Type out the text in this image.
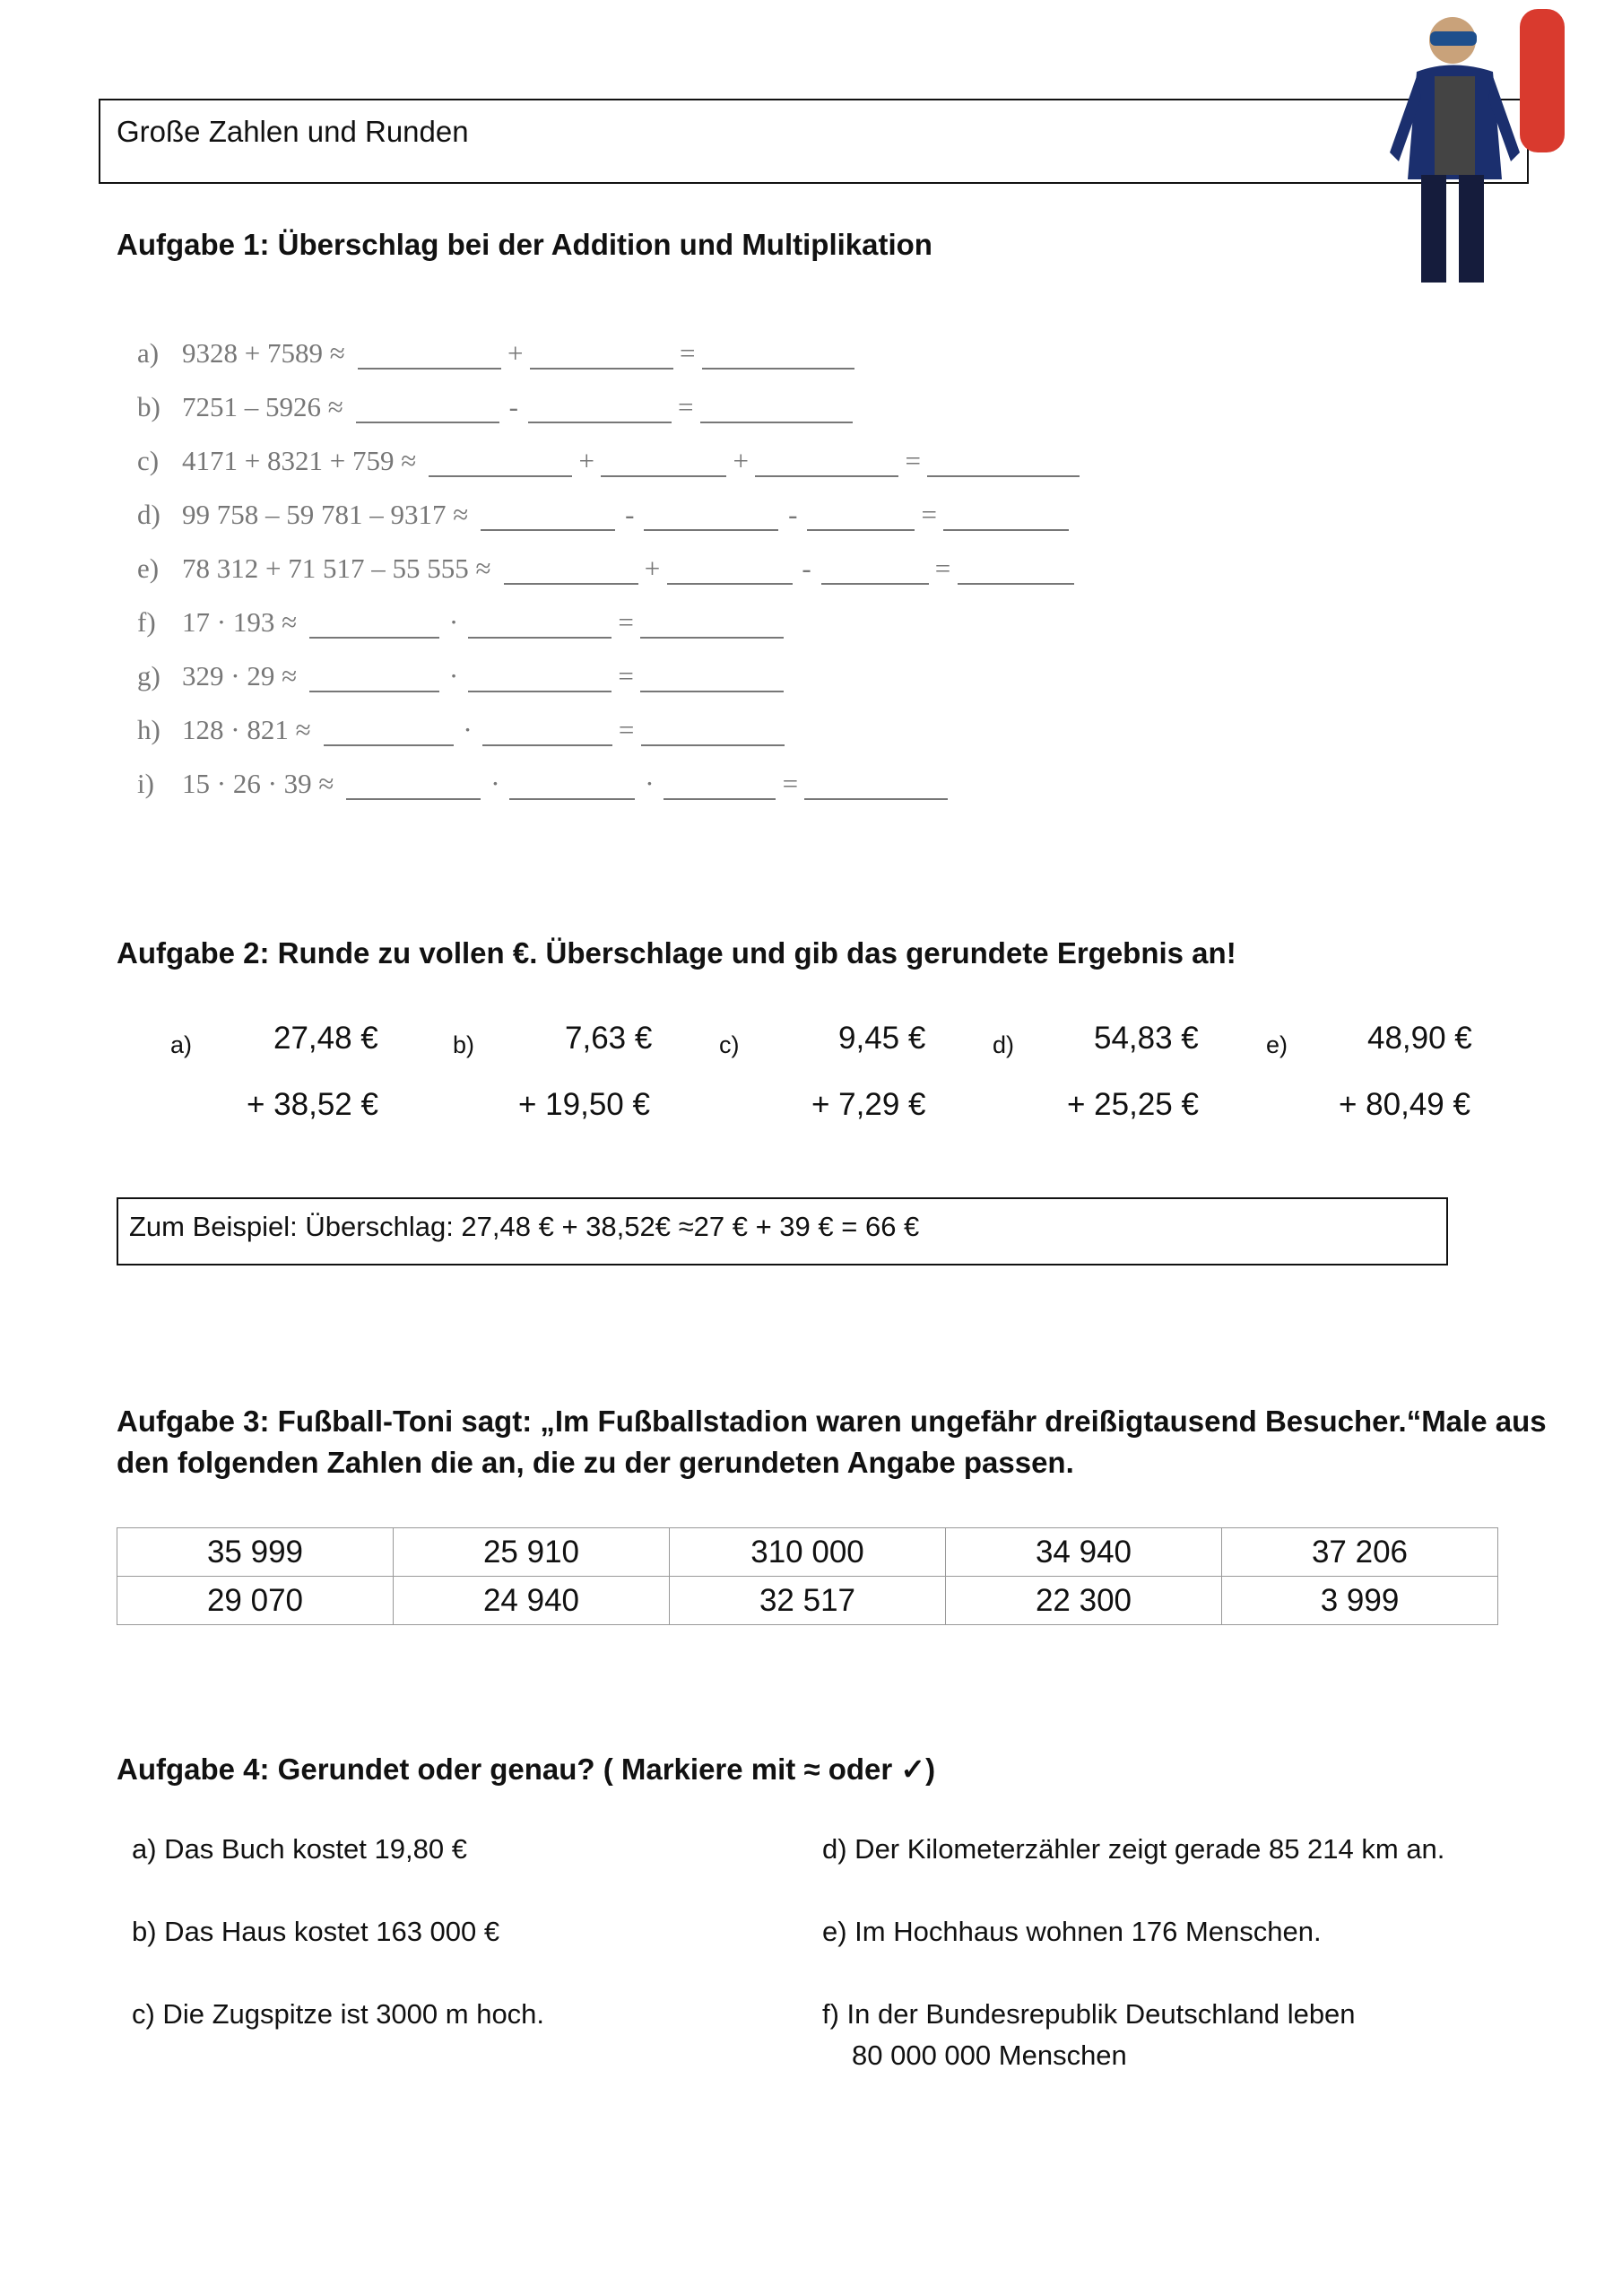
Große Zahlen und Runden
Aufgabe 1: Überschlag bei der Addition und Multiplikation
a) 9328 + 7589 ≈	+	=
b) 7251 – 5926 ≈	-	=
c) 4171 + 8321 + 759 ≈	+	+	=
d) 99 758 – 59 781 – 9317 ≈	-	-	=
e) 78 312 + 71 517 – 55 555 ≈	+	-	=
f) 17 · 193 ≈	·	=
g) 329 · 29 ≈	·	=
h) 128 · 821 ≈	·	=
i)	15 · 26 · 39 ≈	·	·	=
Aufgabe 2: Runde zu vollen €. Überschlage und gib das gerundete Ergebnis an!
a)	27,48 €
+ 38,52 €
b)	7,63 €
+ 19,50 €
c)	9,45 €
+ 7,29 €
d)	54,83 €
+ 25,25 €
e)	48,90 €
+ 80,49 €
Zum Beispiel: Überschlag: 27,48 € + 38,52€ ≈27 € + 39 € = 66 €
Aufgabe 3: Fußball-Toni sagt: „Im Fußballstadion waren ungefähr dreißigtausend Besucher.“Male aus
den folgenden Zahlen die an, die zu der gerundeten Angabe passen.
35 999	25 910	310 000	34 940	37 206
29 070	24 940	32 517	22 300	3 999
Aufgabe 4: Gerundet oder genau? ( Markiere mit ≈ oder ✓)
a) Das Buch kostet 19,80 €
b) Das Haus kostet 163 000 €
c) Die Zugspitze ist 3000 m hoch.
d) Der Kilometerzähler zeigt gerade 85 214 km an.
e) Im Hochhaus wohnen 176 Menschen.
f) In der Bundesrepublik Deutschland leben
80 000 000 Menschen
